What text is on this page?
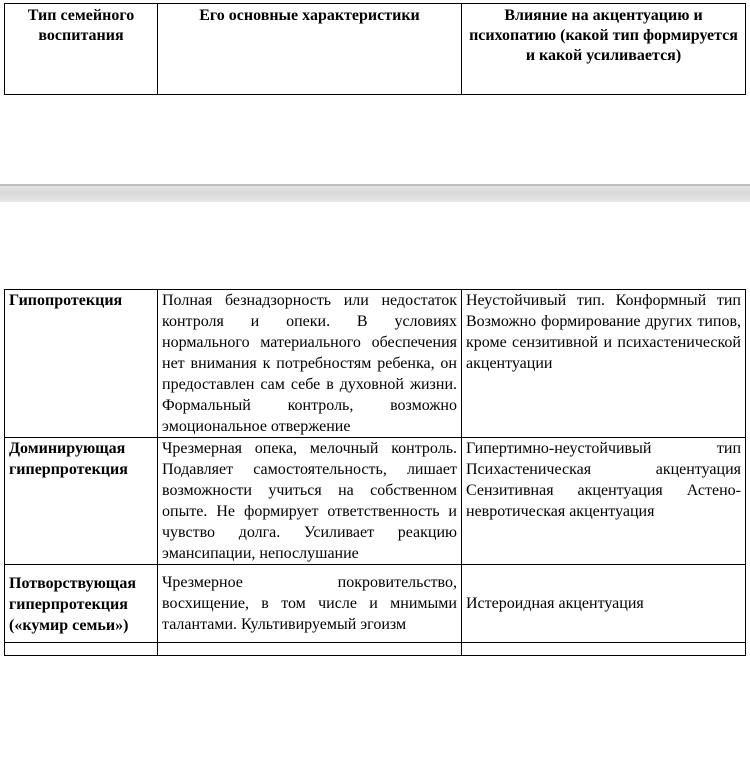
Тип семейного воспитания	Его основные характеристики	Влияние на акцентуацию и психопатию (какой тип формируется и какой усиливается)
Гипопротекция	Полная безнадзорность или недостаток контроля и опеки. В условиях нормального материального обеспечения нет внимания к потребностям ребенка, он предоставлен сам себе в духовной жизни. Формальный контроль, возможно эмоциональное отвержение	Неустойчивый тип. Конформный тип Возможно формирование других типов, кроме сензитивной и психастенической акцентуации
Доминирующая гиперпротекция	Чрезмерная опека, мелочный контроль. Подавляет самостоятельность, лишает возможности учиться на собственном опыте. Не формирует ответственность и чувство долга. Усиливает реакцию эмансипации, непослушание	Гипертимно-неустойчивый тип Психастеническая акцентуация Сензитивная акцентуация Астено-невротическая акцентуация
Потворствующая гиперпротекция («кумир семьи»)	Чрезмерное покровительство, восхищение, в том числе и мнимыми талантами. Культивируемый эгоизм	Истероидная акцентуация
